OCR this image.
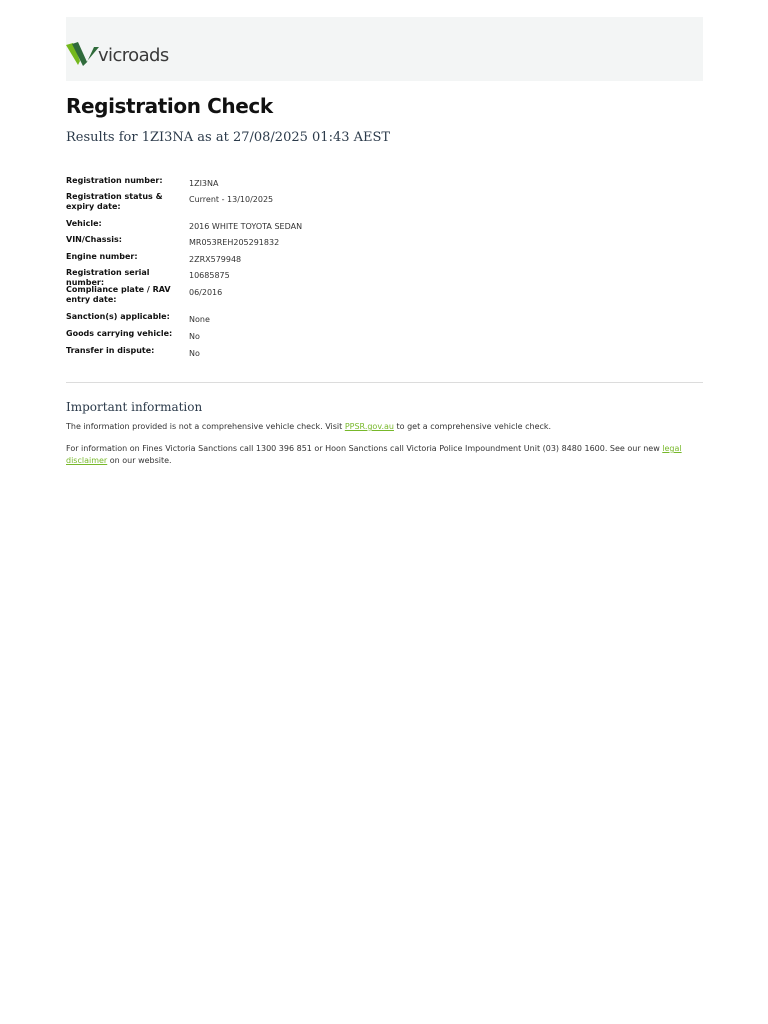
vicroads
Registration Check

Results for 1ZI3NA as at 27/08/2025 01:43 AEST

Registration number:	1ZI3NA
Registration status & expiry date:
Current - 13/10/2025
Vehicle:	2016 WHITE TOYOTA SEDAN
VIN/Chassis:	MR053REH205291832
Engine number:	2ZRX579948
Registration serial number:
10685875
Compliance plate / RAV entry date:
06/2016
Sanction(s) applicable:	None
Goods carrying vehicle:	No
Transfer in dispute:	No
Important information

The information provided is not a comprehensive vehicle check. Visit PPSR.gov.au to get a comprehensive vehicle check.

For information on Fines Victoria Sanctions call 1300 396 851 or Hoon Sanctions call Victoria Police Impoundment Unit (03) 8480 1600. See our new legal disclaimer on our website.
